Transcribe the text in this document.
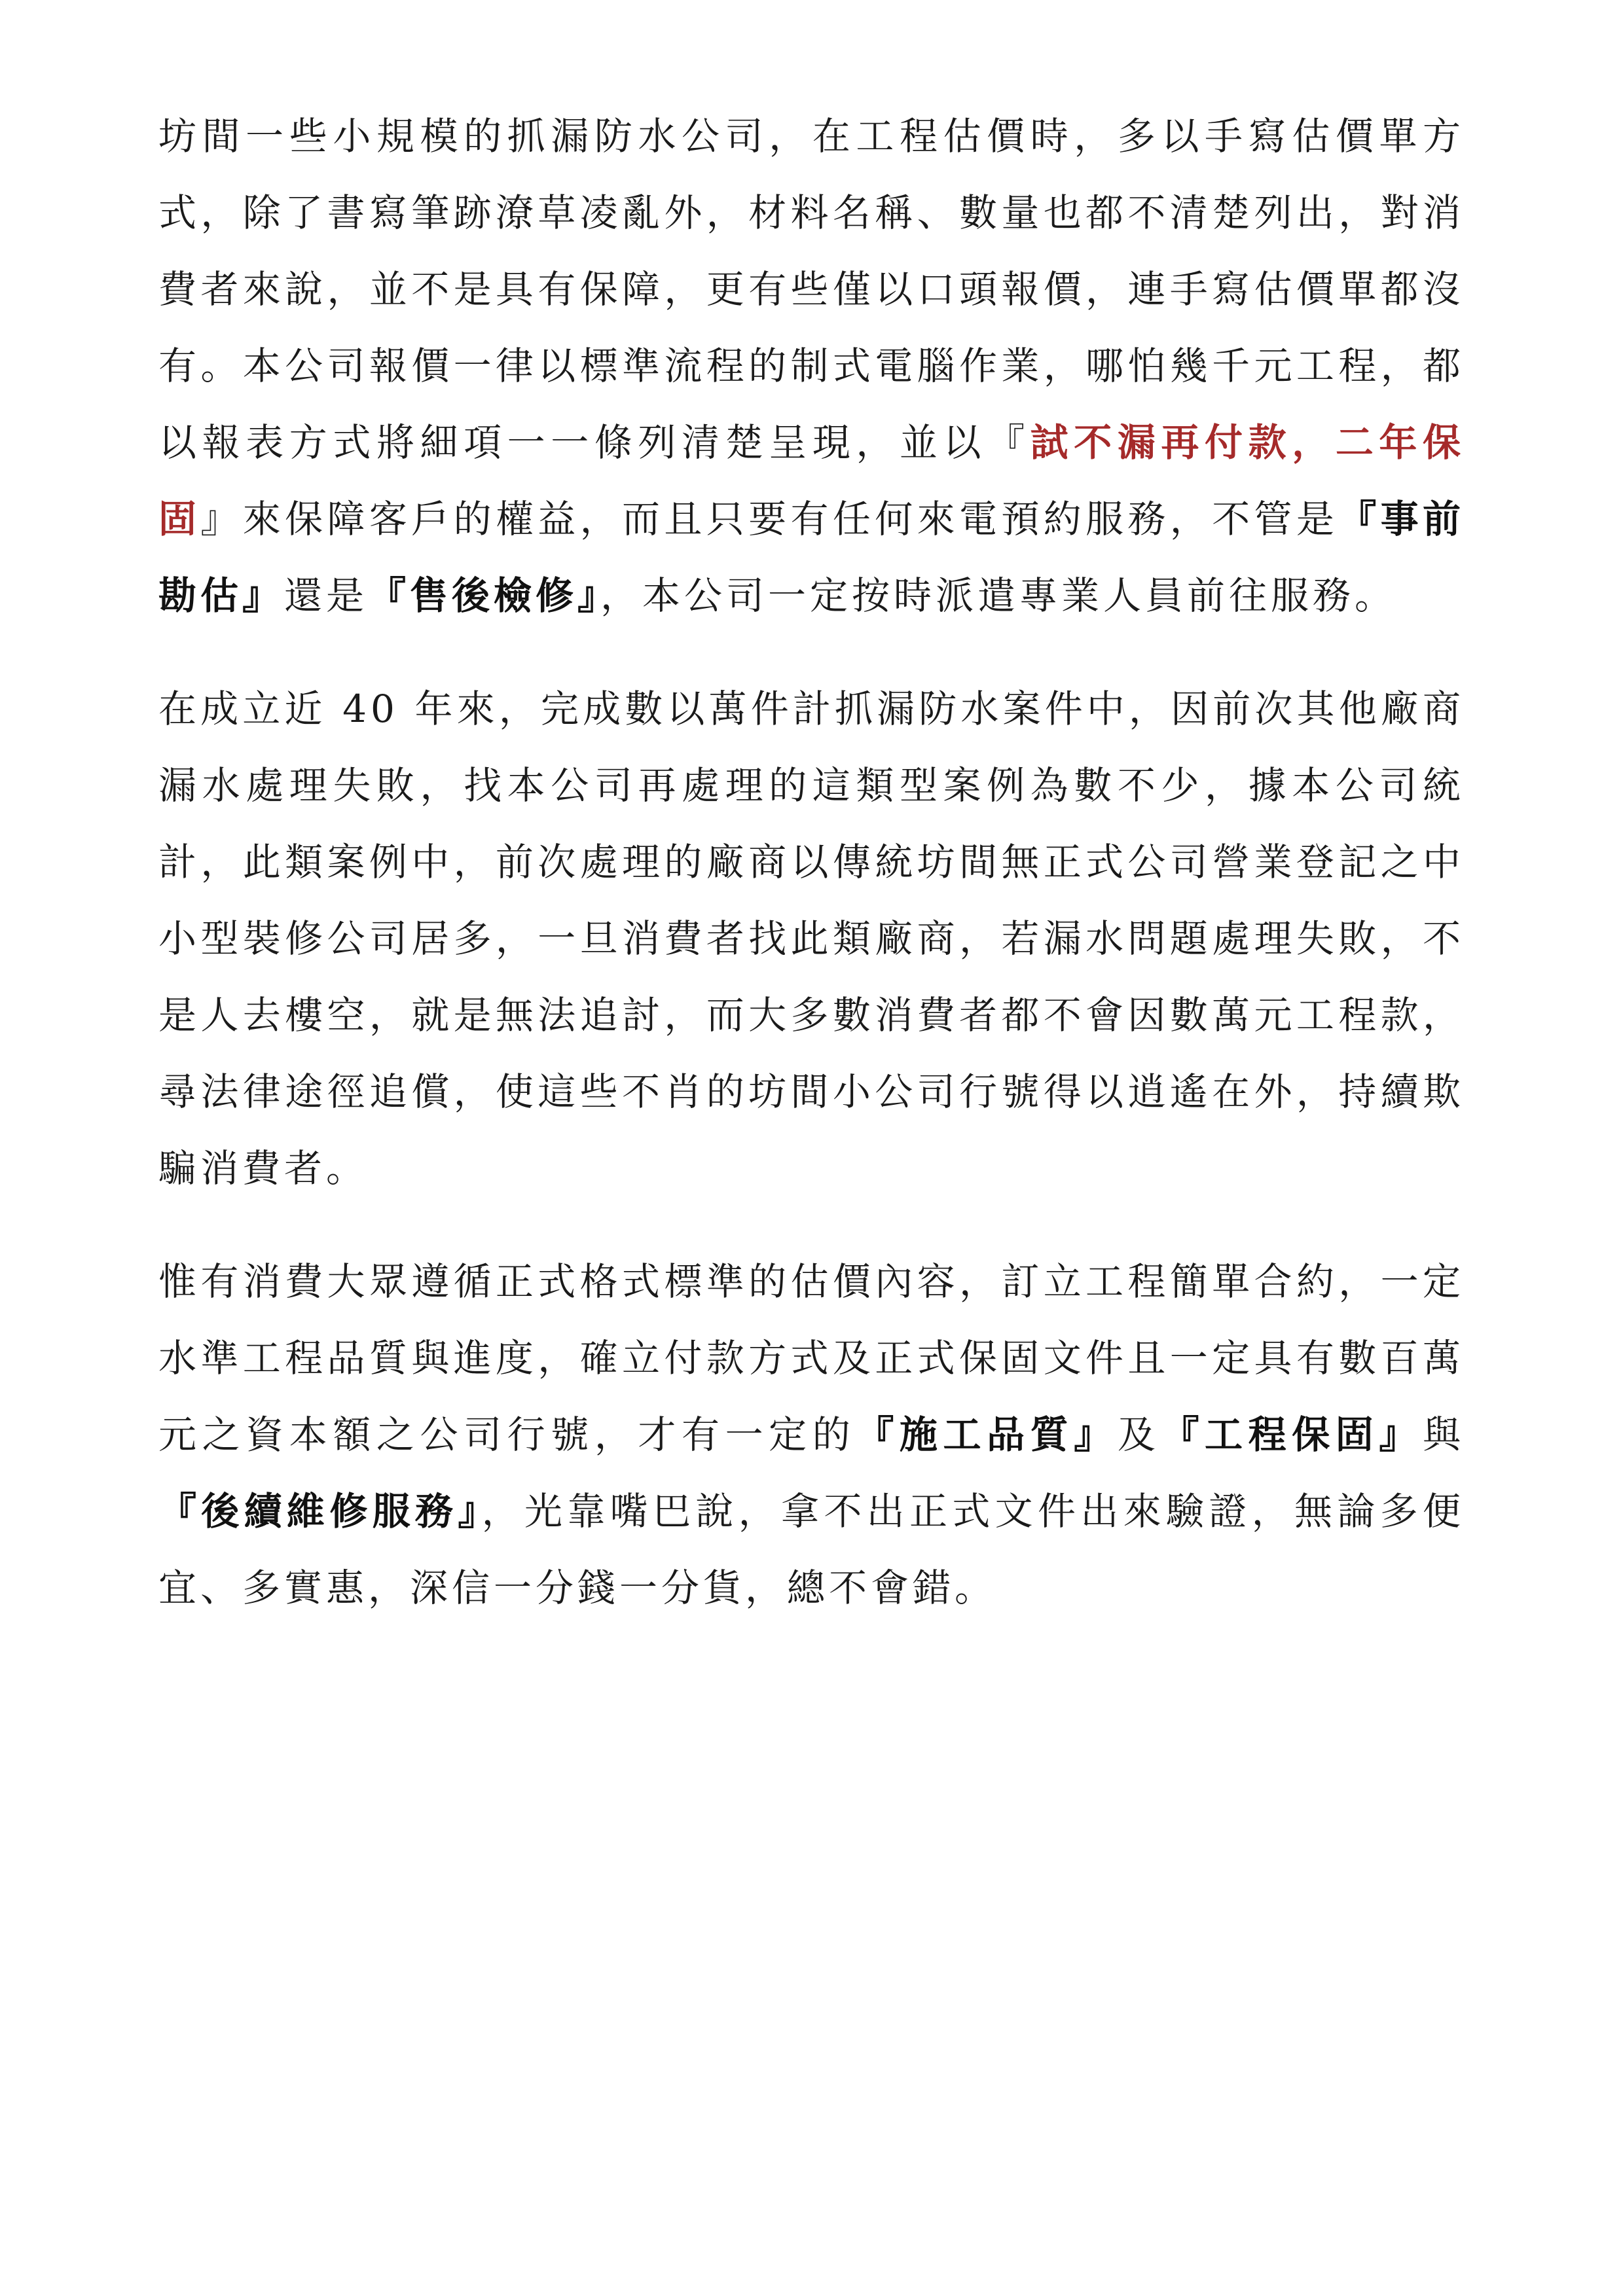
坊間一些小規模的抓漏防水公司，在工程估價時，多以手寫估價單方式，除了書寫筆跡潦草凌亂外，材料名稱、數量也都不清楚列出，對消費者來說，並不是具有保障，更有些僅以口頭報價，連手寫估價單都沒有。本公司報價一律以標準流程的制式電腦作業，哪怕幾千元工程，都以報表方式將細項一一條列清楚呈現，並以『試不漏再付款，二年保固』來保障客戶的權益，而且只要有任何來電預約服務，不管是『事前勘估』還是『售後檢修』，本公司一定按時派遣專業人員前往服務。

在成立近 40 年來，完成數以萬件計抓漏防水案件中，因前次其他廠商漏水處理失敗，找本公司再處理的這類型案例為數不少，據本公司統計，此類案例中，前次處理的廠商以傳統坊間無正式公司營業登記之中小型裝修公司居多，一旦消費者找此類廠商，若漏水問題處理失敗，不是人去樓空，就是無法追討，而大多數消費者都不會因數萬元工程款，尋法律途徑追償，使這些不肖的坊間小公司行號得以逍遙在外，持續欺騙消費者。

惟有消費大眾遵循正式格式標準的估價內容，訂立工程簡單合約，一定水準工程品質與進度，確立付款方式及正式保固文件且一定具有數百萬元之資本額之公司行號，才有一定的『施工品質』及『工程保固』與『後續維修服務』，光靠嘴巴說，拿不出正式文件出來驗證，無論多便宜、多實惠，深信一分錢一分貨，總不會錯。
